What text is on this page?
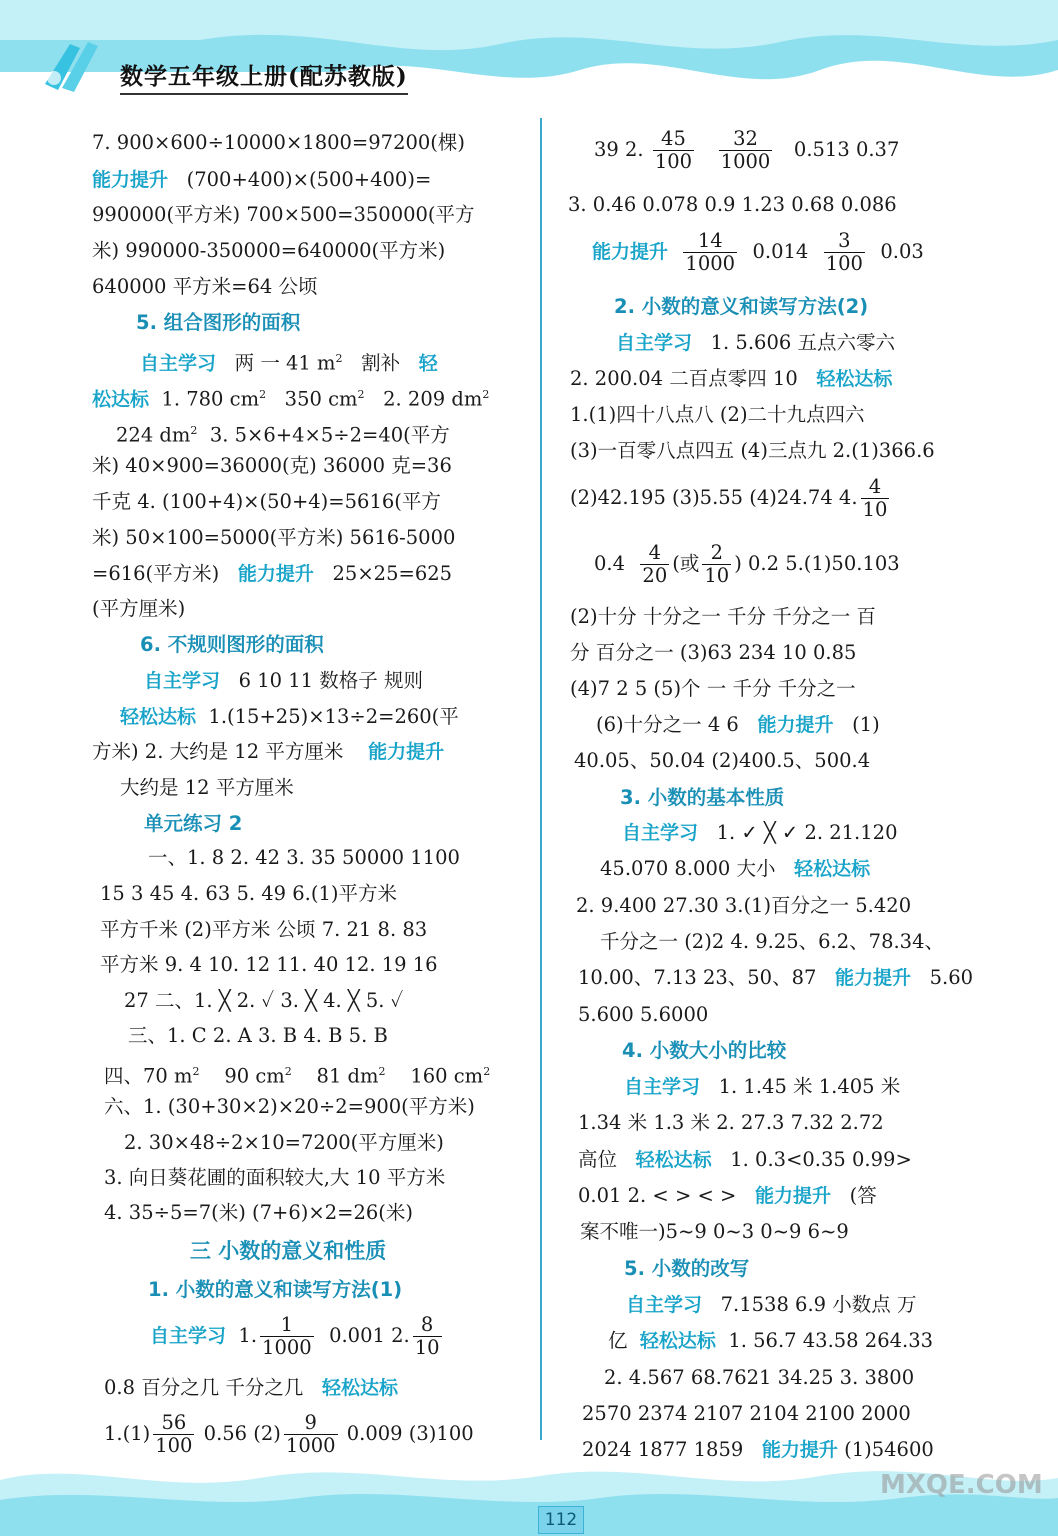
数学五年级上册(配苏教版)
7. 900×600÷10000×1800=97200(棵)
能力提升 (700+400)×(500+400)=
990000(平方米) 700×500=350000(平方
米) 990000-350000=640000(平方米)
640000 平方米=64 公顷
5. 组合图形的面积
自主学习 两 一 41 $m^2$ 割补 轻
松达标 1. 780 $cm^2$ 350 $cm^2$ 2. 209 $dm^2$
224 $dm^2$ 3. 5×6+4×5÷2=40(平方
米) 40×900=36000(克) 36000 克=36
千克 4. (100+4)×(50+4)=5616(平方
米) 50×100=5000(平方米) 5616-5000
=616(平方米) 能力提升 25×25=625
(平方厘米)
6. 不规则图形的面积
自主学习 6 10 11 数格子 规则
轻松达标 1.(15+25)×13÷2=260(平
方米) 2. 大约是 12 平方厘米 能力提升
大约是 12 平方厘米
单元练习 2
一、1. 8 2. 42 3. 35 50000 1100
15 3 45 4. 63 5. 49 6.(1)平方米
平方千米 (2)平方米 公顷 7. 21 8. 83
平方米 9. 4 10. 12 11. 40 12. 19 16
27 二、1. ╳ 2. ✓ 3. ╳ 4. ╳ 5. ✓
三、1. C 2. A 3. B 4. B 5. B
四、70 $m^2$ 90 $cm^2$ 81 $dm^2$ 160 $cm^2$
六、1. (30+30×2)×20÷2=900(平方米)
2. 30×48÷2×10=7200(平方厘米)
3. 向日葵花圃的面积较大,大 10 平方米
4. 35÷5=7(米) (7+6)×2=26(米)
三 小数的意义和性质
1. 小数的意义和读写方法(1)
自主学习 1. $\frac{1}{1000} 0.001$ 2. $\frac{8}{10}$
0.8 百分之几 千分之几 轻松达标
$1.(1) \frac{56}{100} 0.56$ $(2) \frac{9}{1000} 0.009$ (3)100
39 2. $\frac{45}{100}$
$\frac{32}{1000} 0.513$ 0.37
3. 0.46 0.078 0.9 1.23 0.68 0.086
能力提升 $\frac{14}{1000} 0.014 \frac{3}{100} 0.03$
2. 小数的意义和读写方法(2)
自主学习 1. 5.606 五点六零六
2. 200.04 二百点零四 10 轻松达标
1.(1)四十八点八 (2)二十九点四六
(3)一百零八点四五 (4)三点九 2.(1)366.6
(2)42.195 (3)5.55 (4)24.74 4. $\frac{4}{10}$
$0.4 \frac{4}{20}$ (或 $\frac{2}{10}$ ) 0.2 5.(1)50.103
(2)十分 十分之一 千分 千分之一 百
分 百分之一 (3)63 234 10 0.85
(4)7 2 5 (5)个 一 千分 千分之一
(6)十分之一 4 6 能力提升 (1)
40.05、50.04 (2)400.5、500.4
3. 小数的基本性质
自主学习 1. ✓ ╳ ✓ 2. 21.120
45.070 8.000 大小 轻松达标
2. 9.400 27.30 3.(1)百分之一 5.420
千分之一 (2)2 4. 9.25、6.2、78.34、
10.00、7.13 23、50、87 能力提升 5.60
5.600 5.6000
4. 小数大小的比较
自主学习 1. 1.45 米 1.405 米
1.34 米 1.3 米 2. 27.3 7.32 2.72
高位 轻松达标 1. 0.3<0.35 0.99>
0.01 2. < > < > 能力提升 (答
案不唯一)5~9 0~3 0~9 6~9
5. 小数的改写
自主学习 7.1538 6.9 小数点 万
亿 轻松达标 1. 56.7 43.58 264.33
2. 4.567 68.7621 34.25 3. 3800
2570 2374 2107 2104 2100 2000
2024 1877 1859 能力提升 (1)54600
112
MXQE.COM
